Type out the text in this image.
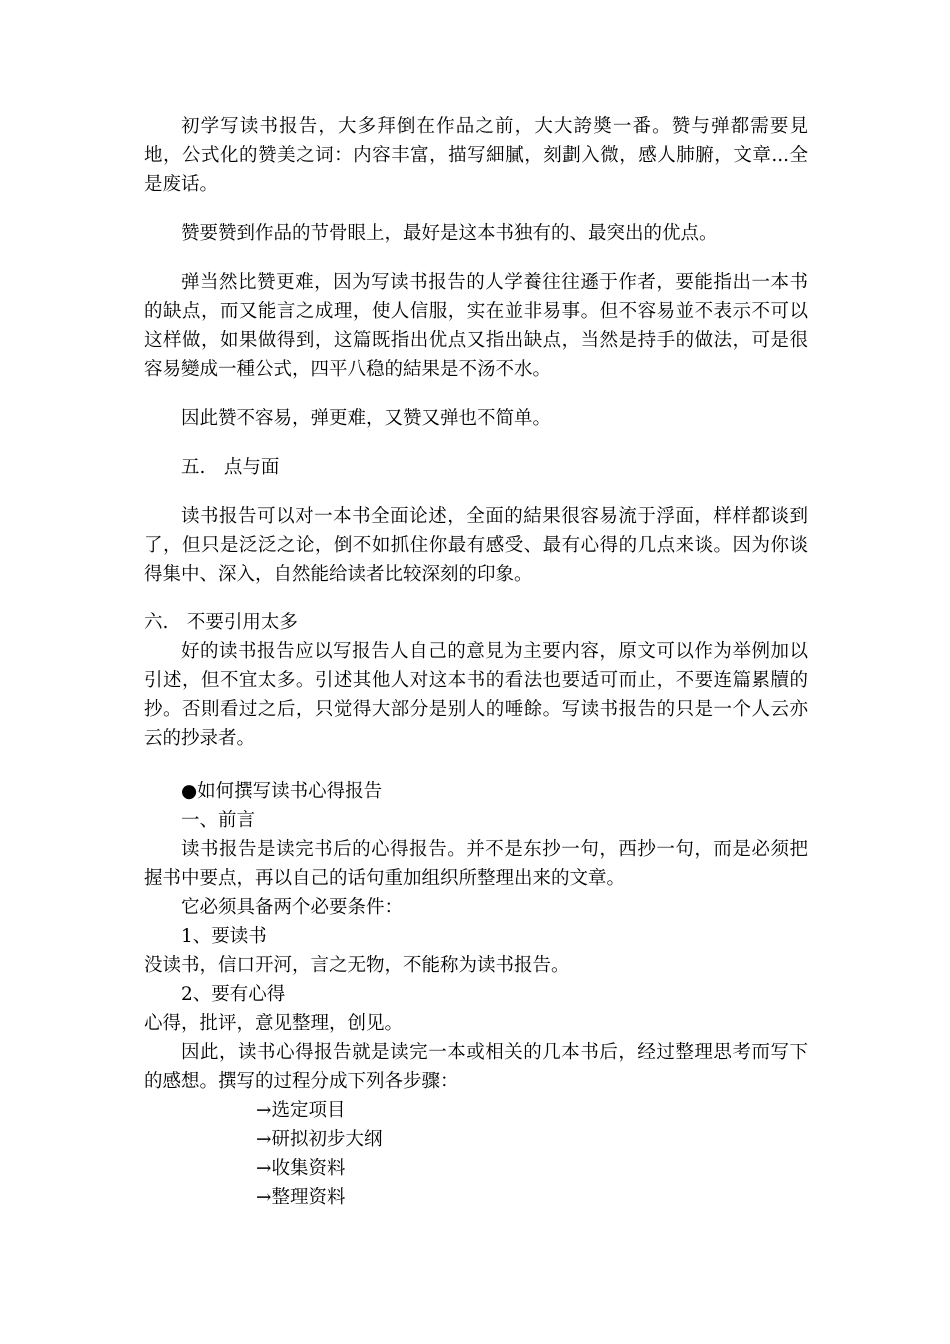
初学写读书报告，大多拜倒在作品之前，大大誇奬一番。赞与弹都需要見地，公式化的赞美之词：内容丰富，描写細膩，刻劃入微，感人肺腑，文章...全是废话。

赞要赞到作品的节骨眼上，最好是这本书独有的、最突出的优点。

弹当然比赞更难，因为写读书报告的人学養往往遜于作者，要能指出一本书的缺点，而又能言之成理，使人信服，实在並非易事。但不容易並不表示不可以这样做，如果做得到，这篇既指出优点又指出缺点，当然是持手的做法，可是很容易變成一種公式，四平八稳的結果是不汤不水。

因此赞不容易，弹更难，又赞又弹也不简单。

五.　点与面

读书报告可以对一本书全面论述，全面的結果很容易流于浮面，样样都谈到了，但只是泛泛之论，倒不如抓住你最有感受、最有心得的几点来谈。因为你谈得集中、深入，自然能给读者比较深刻的印象。

六.　不要引用太多

好的读书报告应以写报告人自己的意見为主要内容，原文可以作为举例加以引述，但不宜太多。引述其他人对这本书的看法也要适可而止，不要连篇累牘的抄。否則看过之后，只觉得大部分是别人的唾餘。写读书报告的只是一个人云亦云的抄录者。

●如何撰写读书心得报告

一、前言

读书报告是读完书后的心得报告。并不是东抄一句，西抄一句，而是必须把握书中要点，再以自己的话句重加组织所整理出来的文章。

它必须具备两个必要条件：

1、要读书

没读书，信口开河，言之无物，不能称为读书报告。

2、要有心得

心得，批评，意见整理，创见。

因此，读书心得报告就是读完一本或相关的几本书后，经过整理思考而写下的感想。撰写的过程分成下列各步骤：

→选定项目

→研拟初步大纲

→收集资料

→整理资料
